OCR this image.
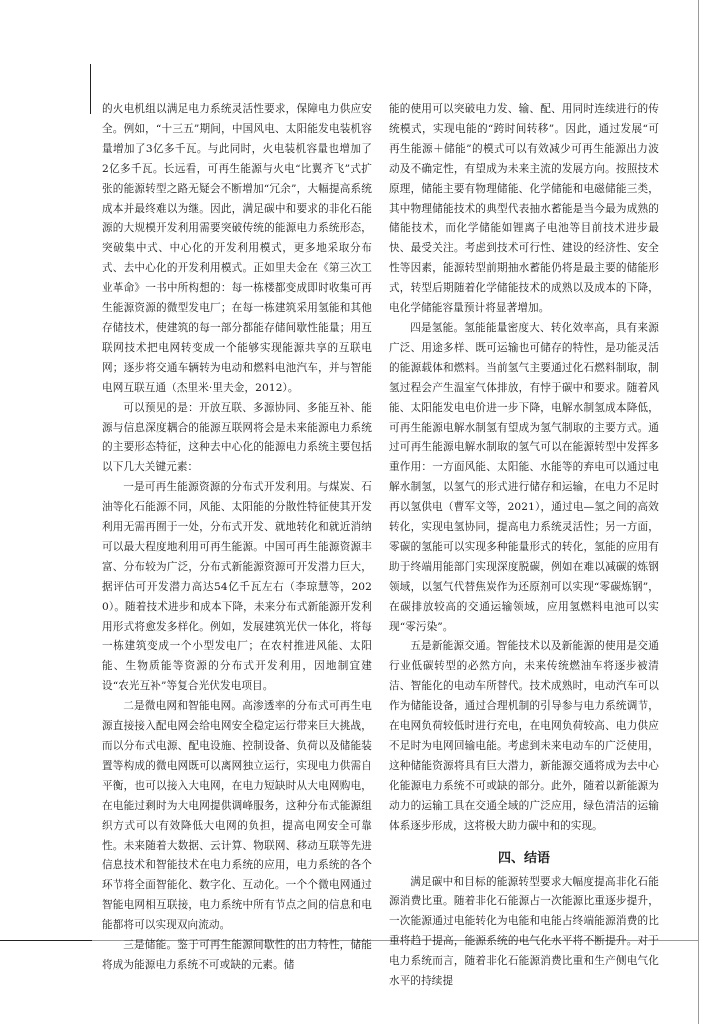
的火电机组以满足电力系统灵活性要求，保障电力供应安全。例如，“十三五”期间，中国风电、太阳能发电装机容量增加了3亿多千瓦。与此同时，火电装机容量也增加了2亿多千瓦。长远看，可再生能源与火电“比翼齐飞”式扩张的能源转型之路无疑会不断增加“冗余”，大幅提高系统成本并最终难以为继。因此，满足碳中和要求的非化石能源的大规模开发利用需要突破传统的能源电力系统形态，突破集中式、中心化的开发利用模式，更多地采取分布式、去中心化的开发利用模式。正如里夫金在《第三次工业革命》一书中所构想的：每一栋楼都变成即时收集可再生能源资源的微型发电厂；在每一栋建筑采用氢能和其他存储技术，使建筑的每一部分都能存储间歇性能量；用互联网技术把电网转变成一个能够实现能源共享的互联电网；逐步将交通车辆转为电动和燃料电池汽车，并与智能电网互联互通（杰里米·里夫金，2012）。

可以预见的是：开放互联、多源协同、多能互补、能源与信息深度耦合的能源互联网将会是未来能源电力系统的主要形态特征，这种去中心化的能源电力系统主要包括以下几大关键元素：

一是可再生能源资源的分布式开发利用。与煤炭、石油等化石能源不同，风能、太阳能的分散性特征使其开发利用无需再囿于一处，分布式开发、就地转化和就近消纳可以最大程度地利用可再生能源。中国可再生能源资源丰富、分布较为广泛，分布式新能源资源可开发潜力巨大，据评估可开发潜力高达54亿千瓦左右（李琼慧等，2020）。随着技术进步和成本下降，未来分布式新能源开发利用形式将愈发多样化。例如，发展建筑光伏一体化，将每一栋建筑变成一个小型发电厂；在农村推进风能、太阳能、生物质能等资源的分布式开发利用，因地制宜建设“农光互补”等复合光伏发电项目。

二是微电网和智能电网。高渗透率的分布式可再生电源直接接入配电网会给电网安全稳定运行带来巨大挑战，而以分布式电源、配电设施、控制设备、负荷以及储能装置等构成的微电网既可以离网独立运行，实现电力供需自平衡，也可以接入大电网，在电力短缺时从大电网购电，在电能过剩时为大电网提供调峰服务，这种分布式能源组织方式可以有效降低大电网的负担，提高电网安全可靠性。未来随着大数据、云计算、物联网、移动互联等先进信息技术和智能技术在电力系统的应用，电力系统的各个环节将全面智能化、数字化、互动化。一个个微电网通过智能电网相互联接，电力系统中所有节点之间的信息和电能都将可以实现双向流动。

三是储能。鉴于可再生能源间歇性的出力特性，储能将成为能源电力系统不可或缺的元素。储

能的使用可以突破电力发、输、配、用同时连续进行的传统模式，实现电能的“跨时间转移”。因此，通过发展“可再生能源＋储能”的模式可以有效减少可再生能源出力波动及不确定性，有望成为未来主流的发展方向。按照技术原理，储能主要有物理储能、化学储能和电磁储能三类，其中物理储能技术的典型代表抽水蓄能是当今最为成熟的储能技术，而化学储能如锂离子电池等目前技术进步最快、最受关注。考虑到技术可行性、建设的经济性、安全性等因素，能源转型前期抽水蓄能仍将是最主要的储能形式，转型后期随着化学储能技术的成熟以及成本的下降，电化学储能容量预计将显著增加。

四是氢能。氢能能量密度大、转化效率高，具有来源广泛、用途多样、既可运输也可储存的特性，是功能灵活的能源载体和燃料。当前氢气主要通过化石燃料制取，制氢过程会产生温室气体排放，有悖于碳中和要求。随着风能、太阳能发电电价进一步下降，电解水制氢成本降低，可再生能源电解水制氢有望成为氢气制取的主要方式。通过可再生能源电解水制取的氢气可以在能源转型中发挥多重作用：一方面风能、太阳能、水能等的弃电可以通过电解水制氢，以氢气的形式进行储存和运输，在电力不足时再以氢供电（曹军文等，2021），通过电—氢之间的高效转化，实现电氢协同，提高电力系统灵活性；另一方面，零碳的氢能可以实现多种能量形式的转化，氢能的应用有助于终端用能部门实现深度脱碳，例如在难以减碳的炼钢领域，以氢气代替焦炭作为还原剂可以实现“零碳炼钢”，在碳排放较高的交通运输领域，应用氢燃料电池可以实现“零污染”。

五是新能源交通。智能技术以及新能源的使用是交通行业低碳转型的必然方向，未来传统燃油车将逐步被清洁、智能化的电动车所替代。技术成熟时，电动汽车可以作为储能设备，通过合理机制的引导参与电力系统调节，在电网负荷较低时进行充电，在电网负荷较高、电力供应不足时为电网回输电能。考虑到未来电动车的广泛使用，这种储能资源将具有巨大潜力，新能源交通将成为去中心化能源电力系统不可或缺的部分。此外，随着以新能源为动力的运输工具在交通全域的广泛应用，绿色清洁的运输体系逐步形成，这将极大助力碳中和的实现。

四、结语

满足碳中和目标的能源转型要求大幅度提高非化石能源消费比重。随着非化石能源占一次能源比重逐步提升，一次能源通过电能转化为电能和电能占终端能源消费的比重将趋于提高，能源系统的电气化水平将不断提升。对于电力系统而言，随着非化石能源消费比重和生产侧电气化水平的持续提
